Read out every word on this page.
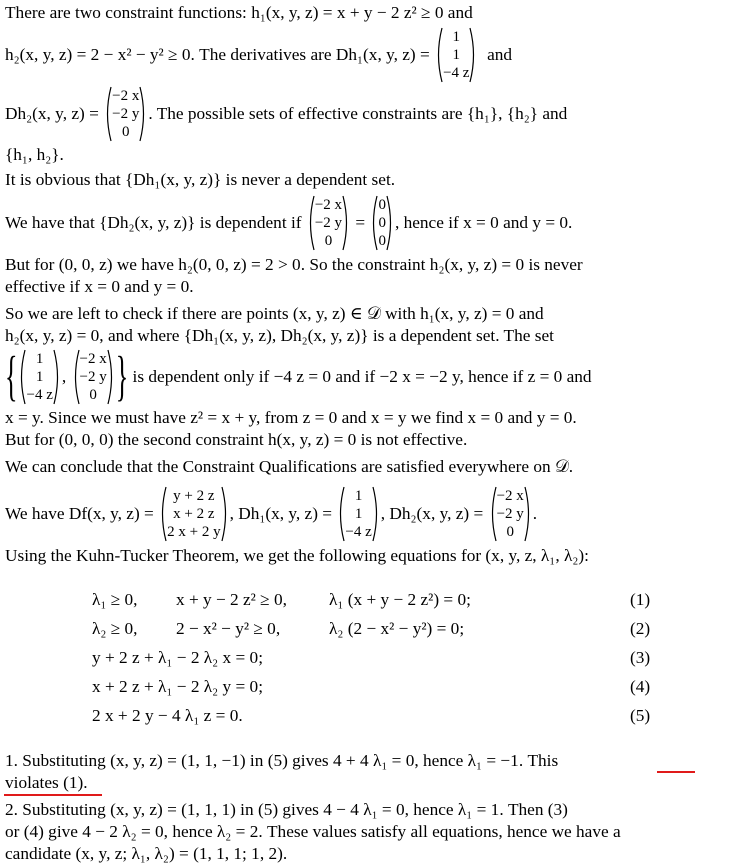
There are two constraint functions: h₁(x, y, z) = x + y − 2 z² ≥ 0 and
h₂(x, y, z) = 2 − x² − y² ≥ 0.
The derivatives are
Dh₁(x, y, z) =

1
1
−4 z

and
Dh₂(x, y, z) =

−2 x
−2 y
0
. The possible sets of effective constraints are {h₁}, {h₂} and
{h₁, h₂}.
It is obvious that {Dh₁(x, y, z)} is never a dependent set.
We have that {Dh₂(x, y, z)} is dependent if

−2 x
−2 y
0

=

0
0
0
, hence if x = 0 and y = 0.
But for (0, 0, z) we have h₂(0, 0, z) = 2 > 0. So the constraint h₂(x, y, z) = 0 is never
effective if x = 0 and y = 0.
So we are left to check if there are points (x, y, z) ∈ 𝒟 with h₁(x, y, z) = 0 and
h₂(x, y, z) = 0, and where {Dh₁(x, y, z), Dh₂(x, y, z)} is a dependent set. The set
{ 1
1
−4 z
,
−2 x
−2 y
0 }
is dependent only if −4 z = 0 and if −2 x = −2 y, hence if z = 0 and
x = y. Since we must have z² = x + y, from z = 0 and x = y we find x = 0 and y = 0.
But for (0, 0, 0) the second constraint h(x, y, z) = 0 is not effective.
We can conclude that the Constraint Qualifications are satisfied everywhere on 𝒟.
We have Df(x, y, z) =

y + 2 z
x + 2 z
2 x + 2 y
, Dh₁(x, y, z) =

1
1
−4 z
, Dh₂(x, y, z) =

−2 x
−2 y
0
.
Using the Kuhn-Tucker Theorem, we get the following equations for (x, y, z, λ₁, λ₂):
λ₁ ≥ 0, x + y − 2 z² ≥ 0, λ₁ (x + y − 2 z²) = 0;	(1)
λ₂ ≥ 0, 2 − x² − y² ≥ 0,	λ₂ (2 − x² − y²) = 0;	(2)
y + 2 z + λ₁ − 2 λ₂ x = 0;	(3)
x + 2 z + λ₁ − 2 λ₂ y = 0;	(4)
2 x + 2 y − 4 λ₁ z = 0.	(5)
1. Substituting (x, y, z) = (1, 1, −1) in (5) gives 4 + 4 λ₁ = 0, hence λ₁ = −1. This
violates (1).
2. Substituting (x, y, z) = (1, 1, 1) in (5) gives 4 − 4 λ₁ = 0, hence λ₁ = 1. Then (3)
or (4) give 4 − 2 λ₂ = 0, hence λ₂ = 2. These values satisfy all equations, hence we have a
candidate (x, y, z; λ₁, λ₂) = (1, 1, 1; 1, 2).
